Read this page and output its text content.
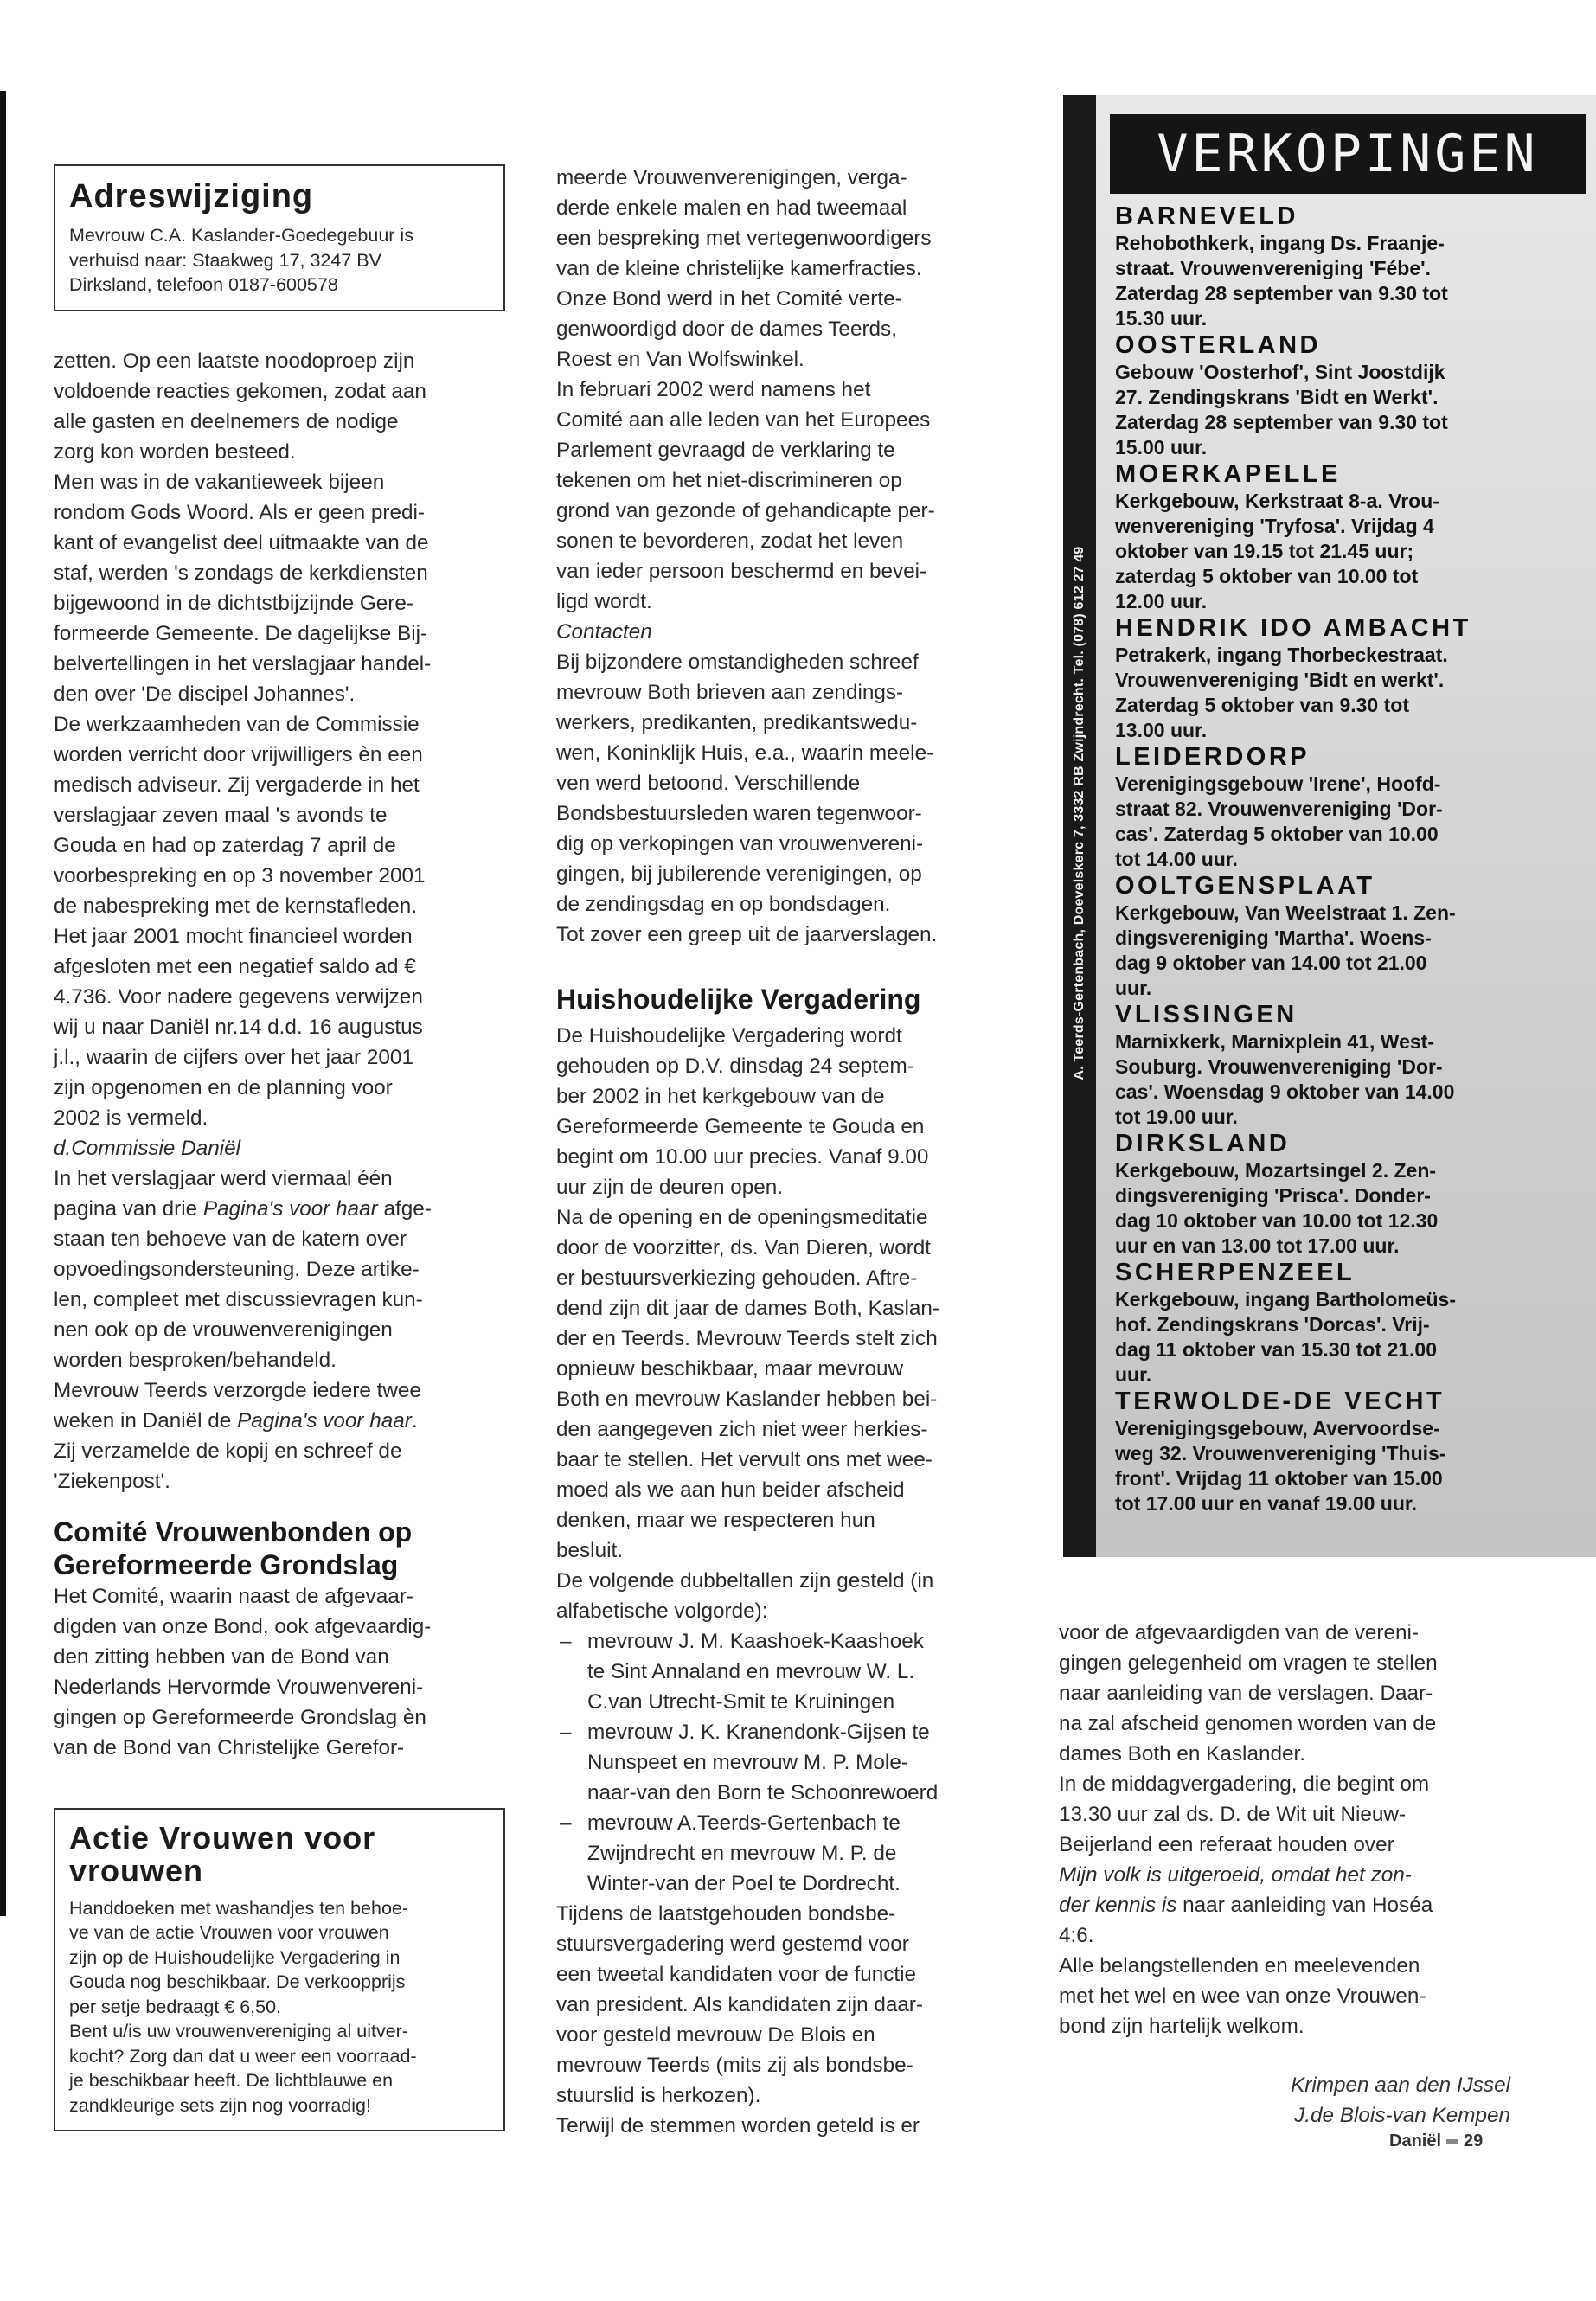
Adreswijziging

Mevrouw C.A. Kaslander-Goedegebuur is

verhuisd naar: Staakweg 17, 3247 BV

Dirksland, telefoon 0187-600578

zetten. Op een laatste noodoproep zijn

voldoende reacties gekomen, zodat aan

alle gasten en deelnemers de nodige

zorg kon worden besteed.

Men was in de vakantieweek bijeen

rondom Gods Woord. Als er geen predi-

kant of evangelist deel uitmaakte van de

staf, werden 's zondags de kerkdiensten

bijgewoond in de dichtstbijzijnde Gere-

formeerde Gemeente. De dagelijkse Bij-

belvertellingen in het verslagjaar handel-

den over 'De discipel Johannes'.

De werkzaamheden van de Commissie

worden verricht door vrijwilligers èn een

medisch adviseur. Zij vergaderde in het

verslagjaar zeven maal 's avonds te

Gouda en had op zaterdag 7 april de

voorbespreking en op 3 november 2001

de nabespreking met de kernstafleden.

Het jaar 2001 mocht financieel worden

afgesloten met een negatief saldo ad €

4.736. Voor nadere gegevens verwijzen

wij u naar Daniël nr.14 d.d. 16 augustus

j.l., waarin de cijfers over het jaar 2001

zijn opgenomen en de planning voor

2002 is vermeld.

d.Commissie Daniël

In het verslagjaar werd viermaal één

pagina van drie Pagina's voor haar afge-

staan ten behoeve van de katern over

opvoedingsondersteuning. Deze artike-

len, compleet met discussievragen kun-

nen ook op de vrouwenverenigingen

worden besproken/behandeld.

Mevrouw Teerds verzorgde iedere twee

weken in Daniël de Pagina's voor haar.

Zij verzamelde de kopij en schreef de

'Ziekenpost'.

Comité Vrouwenbonden op

Gereformeerde Grondslag

Het Comité, waarin naast de afgevaar-

digden van onze Bond, ook afgevaardig-

den zitting hebben van de Bond van

Nederlands Hervormde Vrouwenvereni-

gingen op Gereformeerde Grondslag èn

van de Bond van Christelijke Gerefor-

Actie Vrouwen voor

vrouwen

Handdoeken met washandjes ten behoe-

ve van de actie Vrouwen voor vrouwen

zijn op de Huishoudelijke Vergadering in

Gouda nog beschikbaar. De verkoopprijs

per setje bedraagt € 6,50.

Bent u/is uw vrouwenvereniging al uitver-

kocht? Zorg dan dat u weer een voorraad-

je beschikbaar heeft. De lichtblauwe en

zandkleurige sets zijn nog voorradig!

meerde Vrouwenverenigingen, verga-

derde enkele malen en had tweemaal

een bespreking met vertegenwoordigers

van de kleine christelijke kamerfracties.

Onze Bond werd in het Comité verte-

genwoordigd door de dames Teerds,

Roest en Van Wolfswinkel.

In februari 2002 werd namens het

Comité aan alle leden van het Europees

Parlement gevraagd de verklaring te

tekenen om het niet-discrimineren op

grond van gezonde of gehandicapte per-

sonen te bevorderen, zodat het leven

van ieder persoon beschermd en bevei-

ligd wordt.

Contacten

Bij bijzondere omstandigheden schreef

mevrouw Both brieven aan zendings-

werkers, predikanten, predikantswedu-

wen, Koninklijk Huis, e.a., waarin meele-

ven werd betoond. Verschillende

Bondsbestuursleden waren tegenwoor-

dig op verkopingen van vrouwenvereni-

gingen, bij jubilerende verenigingen, op

de zendingsdag en op bondsdagen.

Tot zover een greep uit de jaarverslagen.

Huishoudelijke Vergadering

De Huishoudelijke Vergadering wordt

gehouden op D.V. dinsdag 24 septem-

ber 2002 in het kerkgebouw van de

Gereformeerde Gemeente te Gouda en

begint om 10.00 uur precies. Vanaf 9.00

uur zijn de deuren open.

Na de opening en de openingsmeditatie

door de voorzitter, ds. Van Dieren, wordt

er bestuursverkiezing gehouden. Aftre-

dend zijn dit jaar de dames Both, Kaslan-

der en Teerds. Mevrouw Teerds stelt zich

opnieuw beschikbaar, maar mevrouw

Both en mevrouw Kaslander hebben bei-

den aangegeven zich niet weer herkies-

baar te stellen. Het vervult ons met wee-

moed als we aan hun beider afscheid

denken, maar we respecteren hun

besluit.

De volgende dubbeltallen zijn gesteld (in

alfabetische volgorde):

– mevrouw J. M. Kaashoek-Kaashoek

te Sint Annaland en mevrouw W. L.

C.van Utrecht-Smit te Kruiningen

– mevrouw J. K. Kranendonk-Gijsen te

Nunspeet en mevrouw M. P. Mole-

naar-van den Born te Schoonrewoerd

– mevrouw A.Teerds-Gertenbach te

Zwijndrecht en mevrouw M. P. de

Winter-van der Poel te Dordrecht.

Tijdens de laatstgehouden bondsbe-

stuursvergadering werd gestemd voor

een tweetal kandidaten voor de functie

van president. Als kandidaten zijn daar-

voor gesteld mevrouw De Blois en

mevrouw Teerds (mits zij als bondsbe-

stuurslid is herkozen).

Terwijl de stemmen worden geteld is er

A. Teerds-Gertenbach, Doevelskerc 7, 3332 RB Zwijndrecht. Tel. (078) 612 27 49
VERKOPINGEN

BARNEVELD

Rehobothkerk, ingang Ds. Fraanje-

straat. Vrouwenvereniging 'Fébe'.

Zaterdag 28 september van 9.30 tot

15.30 uur.

OOSTERLAND

Gebouw 'Oosterhof', Sint Joostdijk

27. Zendingskrans 'Bidt en Werkt'.

Zaterdag 28 september van 9.30 tot

15.00 uur.

MOERKAPELLE

Kerkgebouw, Kerkstraat 8-a. Vrou-

wenvereniging 'Tryfosa'. Vrijdag 4

oktober van 19.15 tot 21.45 uur;

zaterdag 5 oktober van 10.00 tot

12.00 uur.

HENDRIK IDO AMBACHT

Petrakerk, ingang Thorbeckestraat.

Vrouwenvereniging 'Bidt en werkt'.

Zaterdag 5 oktober van 9.30 tot

13.00 uur.

LEIDERDORP

Verenigingsgebouw 'Irene', Hoofd-

straat 82. Vrouwenvereniging 'Dor-

cas'. Zaterdag 5 oktober van 10.00

tot 14.00 uur.

OOLTGENSPLAAT

Kerkgebouw, Van Weelstraat 1. Zen-

dingsvereniging 'Martha'. Woens-

dag 9 oktober van 14.00 tot 21.00

uur.

VLISSINGEN

Marnixkerk, Marnixplein 41, West-

Souburg. Vrouwenvereniging 'Dor-

cas'. Woensdag 9 oktober van 14.00

tot 19.00 uur.

DIRKSLAND

Kerkgebouw, Mozartsingel 2. Zen-

dingsvereniging 'Prisca'. Donder-

dag 10 oktober van 10.00 tot 12.30

uur en van 13.00 tot 17.00 uur.

SCHERPENZEEL

Kerkgebouw, ingang Bartholomeüs-

hof. Zendingskrans 'Dorcas'. Vrij-

dag 11 oktober van 15.30 tot 21.00

uur.

TERWOLDE-DE VECHT

Verenigingsgebouw, Avervoordse-

weg 32. Vrouwenvereniging 'Thuis-

front'. Vrijdag 11 oktober van 15.00

tot 17.00 uur en vanaf 19.00 uur.

voor de afgevaardigden van de vereni-

gingen gelegenheid om vragen te stellen

naar aanleiding van de verslagen. Daar-

na zal afscheid genomen worden van de

dames Both en Kaslander.

In de middagvergadering, die begint om

13.30 uur zal ds. D. de Wit uit Nieuw-

Beijerland een referaat houden over

Mijn volk is uitgeroeid, omdat het zon-

der kennis is naar aanleiding van Hoséa

4:6.

Alle belangstellenden en meelevenden

met het wel en wee van onze Vrouwen-

bond zijn hartelijk welkom.

Krimpen aan den IJssel
J.de Blois-van Kempen
Daniël 29
